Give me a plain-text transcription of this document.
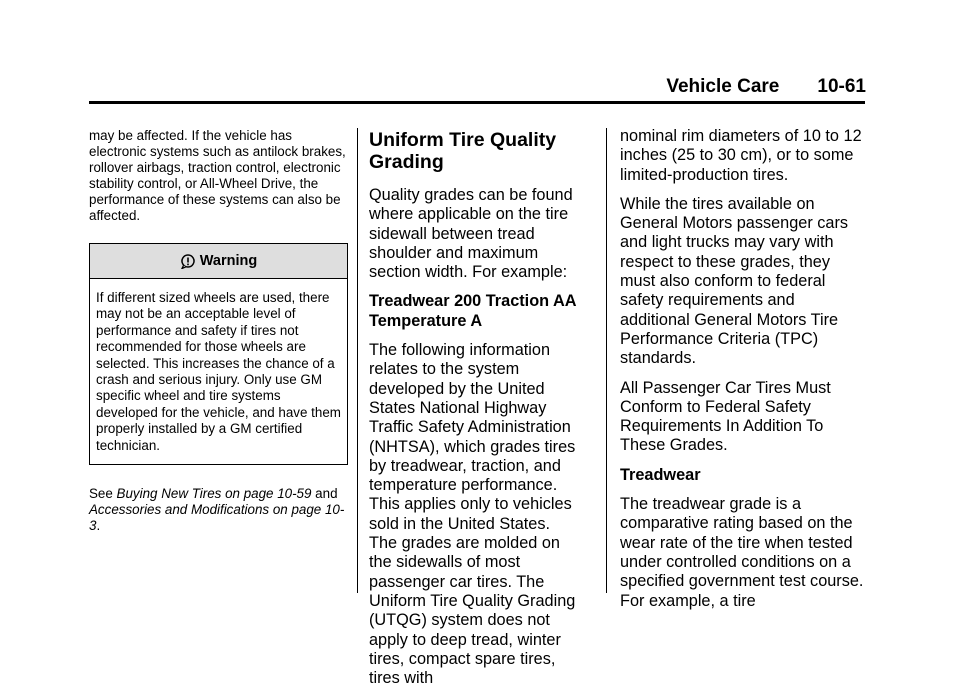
Vehicle Care 10-61

may be affected. If the vehicle has electronic systems such as antilock brakes, rollover airbags, traction control, electronic stability control, or All-Wheel Drive, the performance of these systems can also be affected.

Warning
If different sized wheels are used, there may not be an acceptable level of performance and safety if tires not recommended for those wheels are selected. This increases the chance of a crash and serious injury. Only use GM specific wheel and tire systems developed for the vehicle, and have them properly installed by a GM certified technician.
See Buying New Tires on page 10-59 and Accessories and Modifications on page 10-3.
Uniform Tire Quality Grading

Quality grades can be found where applicable on the tire sidewall between tread shoulder and maximum section width. For example:

Treadwear 200 Traction AA Temperature A

The following information relates to the system developed by the United States National Highway Traffic Safety Administration (NHTSA), which grades tires by treadwear, traction, and temperature performance. This applies only to vehicles sold in the United States. The grades are molded on the sidewalls of most passenger car tires. The Uniform Tire Quality Grading (UTQG) system does not apply to deep tread, winter tires, compact spare tires, tires with

nominal rim diameters of 10 to 12 inches (25 to 30 cm), or to some limited-production tires.

While the tires available on General Motors passenger cars and light trucks may vary with respect to these grades, they must also conform to federal safety requirements and additional General Motors Tire Performance Criteria (TPC) standards.

All Passenger Car Tires Must Conform to Federal Safety Requirements In Addition To These Grades.

Treadwear

The treadwear grade is a comparative rating based on the wear rate of the tire when tested under controlled conditions on a specified government test course. For example, a tire
